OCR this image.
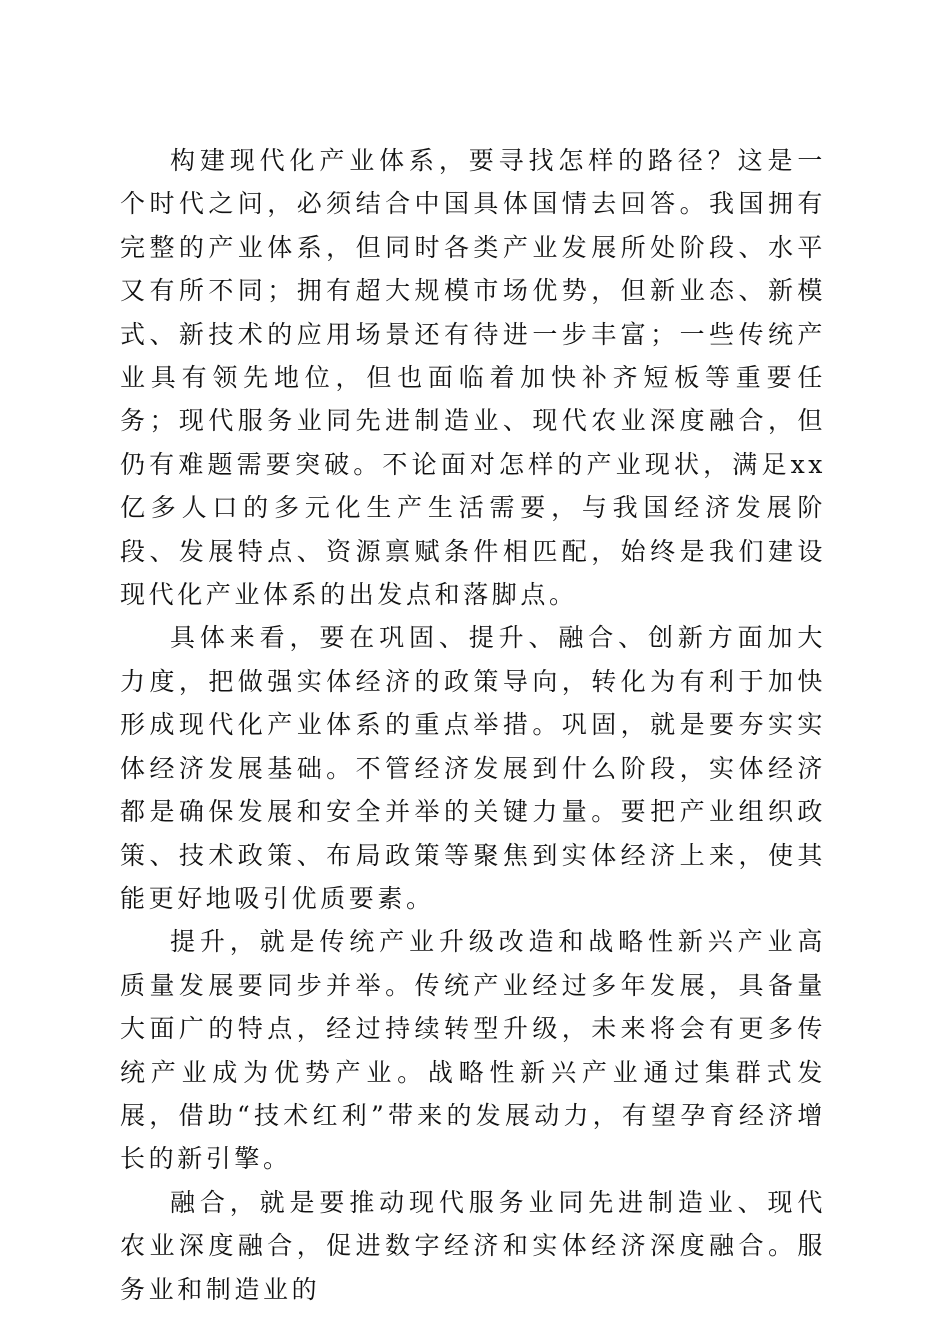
构建现代化产业体系，要寻找怎样的路径？这是一个时代之问，必须结合中国具体国情去回答。我国拥有完整的产业体系，但同时各类产业发展所处阶段、水平又有所不同；拥有超大规模市场优势，但新业态、新模式、新技术的应用场景还有待进一步丰富；一些传统产业具有领先地位，但也面临着加快补齐短板等重要任务；现代服务业同先进制造业、现代农业深度融合，但仍有难题需要突破。不论面对怎样的产业现状，满足xx亿多人口的多元化生产生活需要，与我国经济发展阶段、发展特点、资源禀赋条件相匹配，始终是我们建设现代化产业体系的出发点和落脚点。

具体来看，要在巩固、提升、融合、创新方面加大力度，把做强实体经济的政策导向，转化为有利于加快形成现代化产业体系的重点举措。巩固，就是要夯实实体经济发展基础。不管经济发展到什么阶段，实体经济都是确保发展和安全并举的关键力量。要把产业组织政策、技术政策、布局政策等聚焦到实体经济上来，使其能更好地吸引优质要素。

提升，就是传统产业升级改造和战略性新兴产业高质量发展要同步并举。传统产业经过多年发展，具备量大面广的特点，经过持续转型升级，未来将会有更多传统产业成为优势产业。战略性新兴产业通过集群式发展，借助“技术红利”带来的发展动力，有望孕育经济增长的新引擎。

融合，就是要推动现代服务业同先进制造业、现代农业深度融合，促进数字经济和实体经济深度融合。服务业和制造业的
